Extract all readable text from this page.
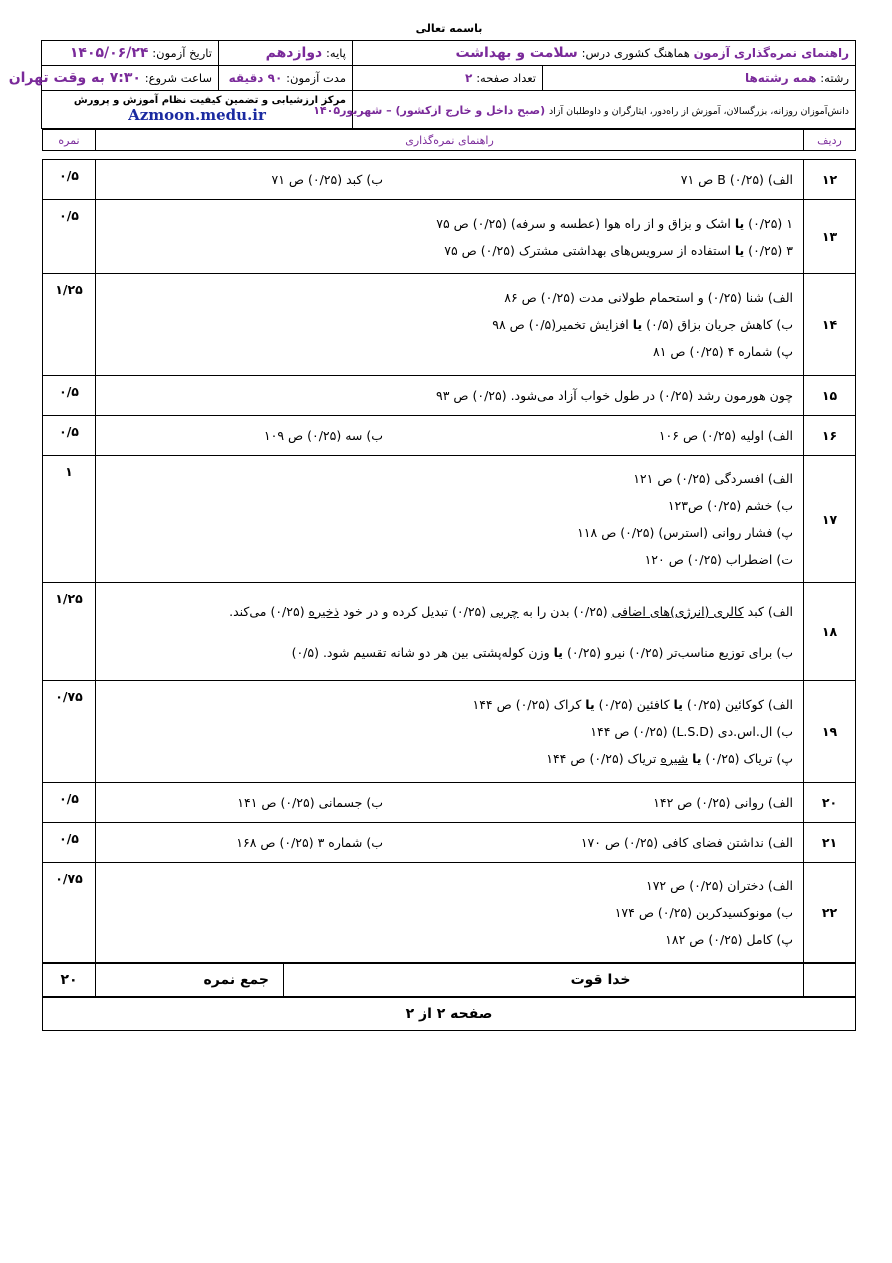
باسمه تعالی
راهنمای نمره‌گذاری آزمون هماهنگ کشوری درس: سلامت و بهداشت		پایه: دوازدهم	تاریخ آزمون: ۱۴۰۵/۰۶/۲۴
رشته: همه رشته‌ها	تعداد صفحه: ۲	مدت آزمون: ۹۰ دقیقه	ساعت شروع: ۷:۳۰ به وقت تهران
دانش‌آموزان روزانه، بزرگسالان، آموزش از راه‌دور، ایثارگران و داوطلبان آزاد (صبح داخل و خارج ازکشور) – شهریور۱۴۰۵		مرکز ارزشیابی و تضمین کیفیت نظام آموزش و پرورش
Azmoon.medu.ir	
ردیف	راهنمای نمره‌گذاری	نمره
۱۲	الف) B (۰/۲۵) ص ۷۱
ب) کبد (۰/۲۵) ص ۷۱	۰/۵
۱۳	۱ (۰/۲۵) یا اشک و بزاق و از راه هوا (عطسه و سرفه) (۰/۲۵) ص ۷۵
۳ (۰/۲۵) یا استفاده از سرویس‌های بهداشتی مشترک (۰/۲۵) ص ۷۵	۰/۵
۱۴	الف) شنا (۰/۲۵) و استحمام طولانی مدت (۰/۲۵) ص ۸۶
ب) کاهش جریان بزاق (۰/۵) یا افزایش تخمیر(۰/۵) ص ۹۸
پ) شماره ۴ (۰/۲۵) ص ۸۱	۱/۲۵
۱۵	چون هورمون رشد (۰/۲۵) در طول خواب آزاد می‌شود. (۰/۲۵) ص ۹۳	۰/۵
۱۶	الف) اولیه (۰/۲۵) ص ۱۰۶
ب) سه (۰/۲۵) ص ۱۰۹	۰/۵
۱۷	الف) افسردگی (۰/۲۵) ص ۱۲۱
ب) خشم (۰/۲۵) ص۱۲۳
پ) فشار روانی (استرس) (۰/۲۵) ص ۱۱۸
ت) اضطراب (۰/۲۵) ص ۱۲۰	۱
۱۸	الف) کبد کالری (انرژی)های اضافی (۰/۲۵) بدن را به چربی (۰/۲۵) تبدیل کرده و در خود ذخیره (۰/۲۵) می‌کند.
ب) برای توزیع مناسب‌تر (۰/۲۵) نیرو (۰/۲۵) یا وزن کوله‌پشتی بین هر دو شانه تقسیم شود. (۰/۵)	۱/۲۵
۱۹	الف) کوکائین (۰/۲۵) یا کافئین (۰/۲۵) یا کراک (۰/۲۵) ص ۱۴۴
ب) ال.اس.دی (L.S.D) (۰/۲۵) ص ۱۴۴
پ) تریاک (۰/۲۵) یا شیره تریاک (۰/۲۵) ص ۱۴۴	۰/۷۵
۲۰	الف) روانی (۰/۲۵) ص ۱۴۲
ب) جسمانی (۰/۲۵) ص ۱۴۱	۰/۵
۲۱	الف) نداشتن فضای کافی (۰/۲۵) ص ۱۷۰
ب) شماره ۳ (۰/۲۵) ص ۱۶۸	۰/۵
۲۲	الف) دختران (۰/۲۵) ص ۱۷۲
ب) مونوکسیدکربن (۰/۲۵) ص ۱۷۴
پ) کامل (۰/۲۵) ص ۱۸۲	۰/۷۵
	خدا قوت	جمع نمره	۲۰
صفحه ۲ از ۲
